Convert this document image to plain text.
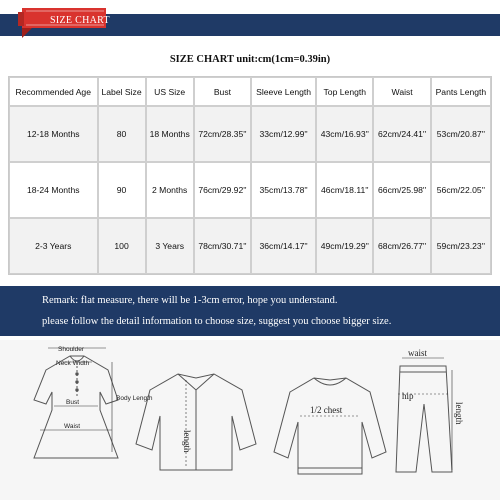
SIZE CHART
SIZE CHART unit:cm(1cm=0.39in)
Recommended Age	Label Size	US Size	Bust	Sleeve Length	Top Length	Waist	Pants Length
12-18 Months	80	18 Months	72cm/28.35''	33cm/12.99''	43cm/16.93''	62cm/24.41''	53cm/20.87''
18-24 Months	90	2 Months	76cm/29.92''	35cm/13.78''	46cm/18.11''	66cm/25.98''	56cm/22.05''
2-3 Years	100	3 Years	78cm/30.71''	36cm/14.17''	49cm/19.29''	68cm/26.77''	59cm/23.23''
Remark: flat measure, there will be 1-3cm error, hope you understand.
please follow the detail information to choose size, suggest you choose bigger size.
Shoulder
Neck Width
Bust
Waist
Body Length
length
1/2 chest
waist
hip
length
